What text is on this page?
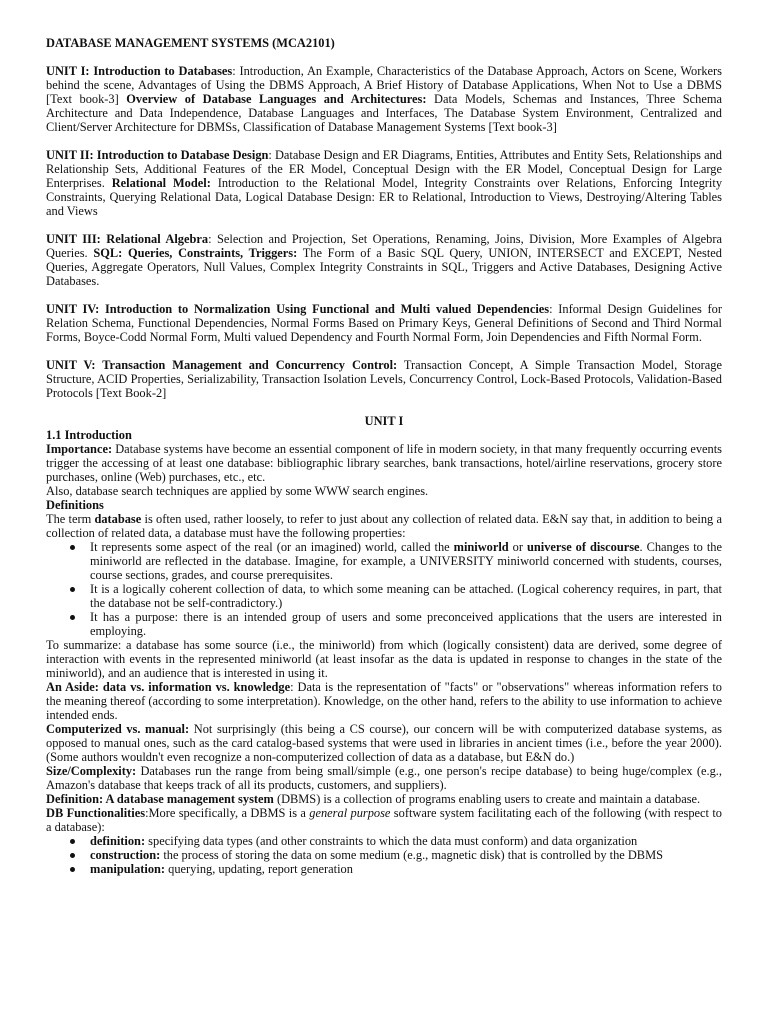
DATABASE MANAGEMENT SYSTEMS (MCA2101)
UNIT I: Introduction to Databases: Introduction, An Example, Characteristics of the Database Approach, Actors on Scene, Workers behind the scene, Advantages of Using the DBMS Approach, A Brief History of Database Applications, When Not to Use a DBMS [Text book-3] Overview of Database Languages and Architectures: Data Models, Schemas and Instances, Three Schema Architecture and Data Independence, Database Languages and Interfaces, The Database System Environment, Centralized and Client/Server Architecture for DBMSs, Classification of Database Management Systems [Text book-3]
UNIT II: Introduction to Database Design: Database Design and ER Diagrams, Entities, Attributes and Entity Sets, Relationships and Relationship Sets, Additional Features of the ER Model, Conceptual Design with the ER Model, Conceptual Design for Large Enterprises. Relational Model: Introduction to the Relational Model, Integrity Constraints over Relations, Enforcing Integrity Constraints, Querying Relational Data, Logical Database Design: ER to Relational, Introduction to Views, Destroying/Altering Tables and Views
UNIT III: Relational Algebra: Selection and Projection, Set Operations, Renaming, Joins, Division, More Examples of Algebra Queries. SQL: Queries, Constraints, Triggers: The Form of a Basic SQL Query, UNION, INTERSECT and EXCEPT, Nested Queries, Aggregate Operators, Null Values, Complex Integrity Constraints in SQL, Triggers and Active Databases, Designing Active Databases.
UNIT IV: Introduction to Normalization Using Functional and Multi valued Dependencies: Informal Design Guidelines for Relation Schema, Functional Dependencies, Normal Forms Based on Primary Keys, General Definitions of Second and Third Normal Forms, Boyce-Codd Normal Form, Multi valued Dependency and Fourth Normal Form, Join Dependencies and Fifth Normal Form.
UNIT V: Transaction Management and Concurrency Control: Transaction Concept, A Simple Transaction Model, Storage Structure, ACID Properties, Serializability, Transaction Isolation Levels, Concurrency Control, Lock-Based Protocols, Validation-Based Protocols [Text Book-2]
UNIT I

1.1 Introduction

Importance: Database systems have become an essential component of life in modern society, in that many frequently occurring events trigger the accessing of at least one database: bibliographic library searches, bank transactions, hotel/airline reservations, grocery store purchases, online (Web) purchases, etc., etc.

Also, database search techniques are applied by some WWW search engines.

Definitions

The term database is often used, rather loosely, to refer to just about any collection of related data. E&N say that, in addition to being a collection of related data, a database must have the following properties:

It represents some aspect of the real (or an imagined) world, called the miniworld or universe of discourse. Changes to the miniworld are reflected in the database. Imagine, for example, a UNIVERSITY miniworld concerned with students, courses, course sections, grades, and course prerequisites.
It is a logically coherent collection of data, to which some meaning can be attached. (Logical coherency requires, in part, that the database not be self-contradictory.)
It has a purpose: there is an intended group of users and some preconceived applications that the users are interested in employing.

To summarize: a database has some source (i.e., the miniworld) from which (logically consistent) data are derived, some degree of interaction with events in the represented miniworld (at least insofar as the data is updated in response to changes in the state of the miniworld), and an audience that is interested in using it.

An Aside: data vs. information vs. knowledge: Data is the representation of "facts" or "observations" whereas information refers to the meaning thereof (according to some interpretation). Knowledge, on the other hand, refers to the ability to use information to achieve intended ends.

Computerized vs. manual: Not surprisingly (this being a CS course), our concern will be with computerized database systems, as opposed to manual ones, such as the card catalog-based systems that were used in libraries in ancient times (i.e., before the year 2000). (Some authors wouldn't even recognize a non-computerized collection of data as a database, but E&N do.)

Size/Complexity: Databases run the range from being small/simple (e.g., one person's recipe database) to being huge/complex (e.g., Amazon's database that keeps track of all its products, customers, and suppliers).

Definition: A database management system (DBMS) is a collection of programs enabling users to create and maintain a database.

DB Functionalities:More specifically, a DBMS is a general purpose software system facilitating each of the following (with respect to a database):

definition: specifying data types (and other constraints to which the data must conform) and data organization
construction: the process of storing the data on some medium (e.g., magnetic disk) that is controlled by the DBMS
manipulation: querying, updating, report generation
